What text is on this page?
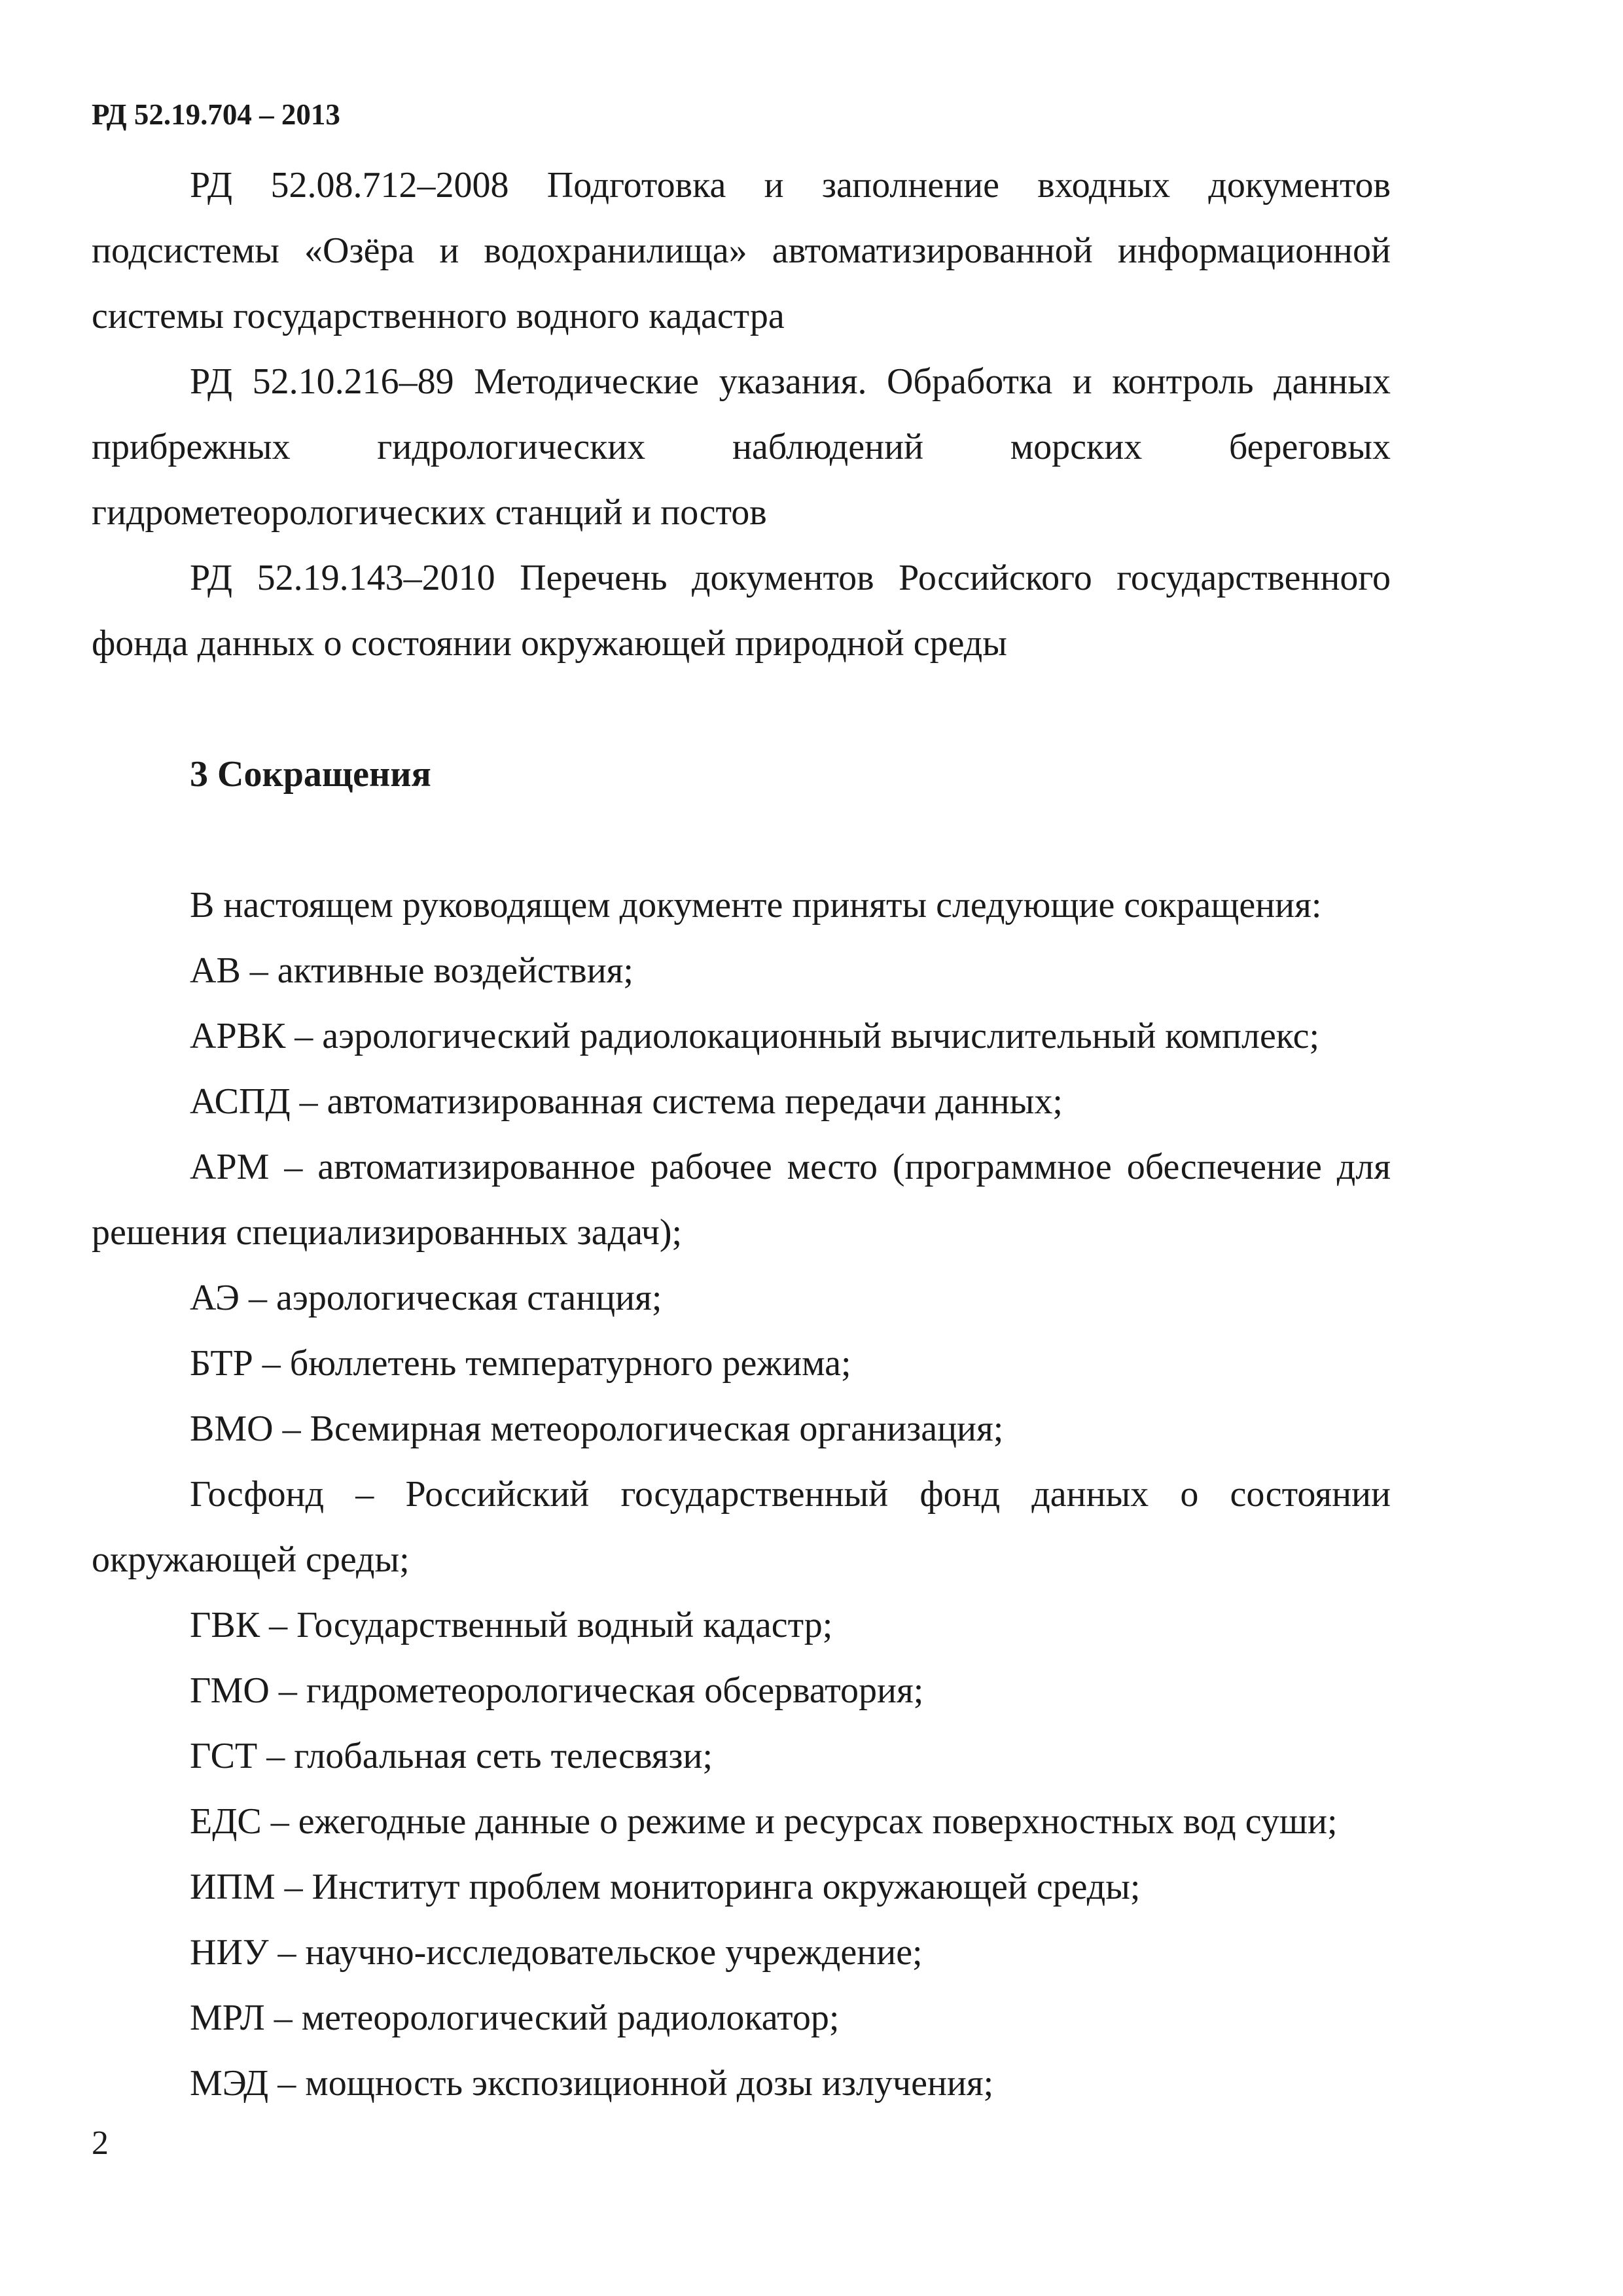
РД 52.19.704 – 2013

РД 52.08.712–2008 Подготовка и заполнение входных документов подсистемы «Озёра и водохранилища» автоматизированной информационной системы государственного водного кадастра

РД 52.10.216–89 Методические указания. Обработка и контроль данных прибрежных гидрологических наблюдений морских береговых

гидрометеорологических станций и постов

РД 52.19.143–2010 Перечень документов Российского государственного фонда данных о состоянии окружающей природной среды

3 Сокращения
В настоящем руководящем документе приняты следующие сокращения:
АВ – активные воздействия;
АРВК – аэрологический радиолокационный вычислительный комплекс;
АСПД – автоматизированная система передачи данных;

АРМ – автоматизированное рабочее место (программное обеспечение для решения специализированных задач);

АЭ – аэрологическая станция;
БТР – бюллетень температурного режима;
ВМО – Всемирная метеорологическая организация;

Госфонд – Российский государственный фонд данных о состоянии окружающей среды;

ГВК – Государственный водный кадастр;
ГМО – гидрометеорологическая обсерватория;
ГСТ – глобальная сеть телесвязи;
ЕДС – ежегодные данные о режиме и ресурсах поверхностных вод суши;
ИПМ – Институт проблем мониторинга окружающей среды;
НИУ – научно-исследовательское учреждение;
МРЛ – метеорологический радиолокатор;
МЭД – мощность экспозиционной дозы излучения;
2
